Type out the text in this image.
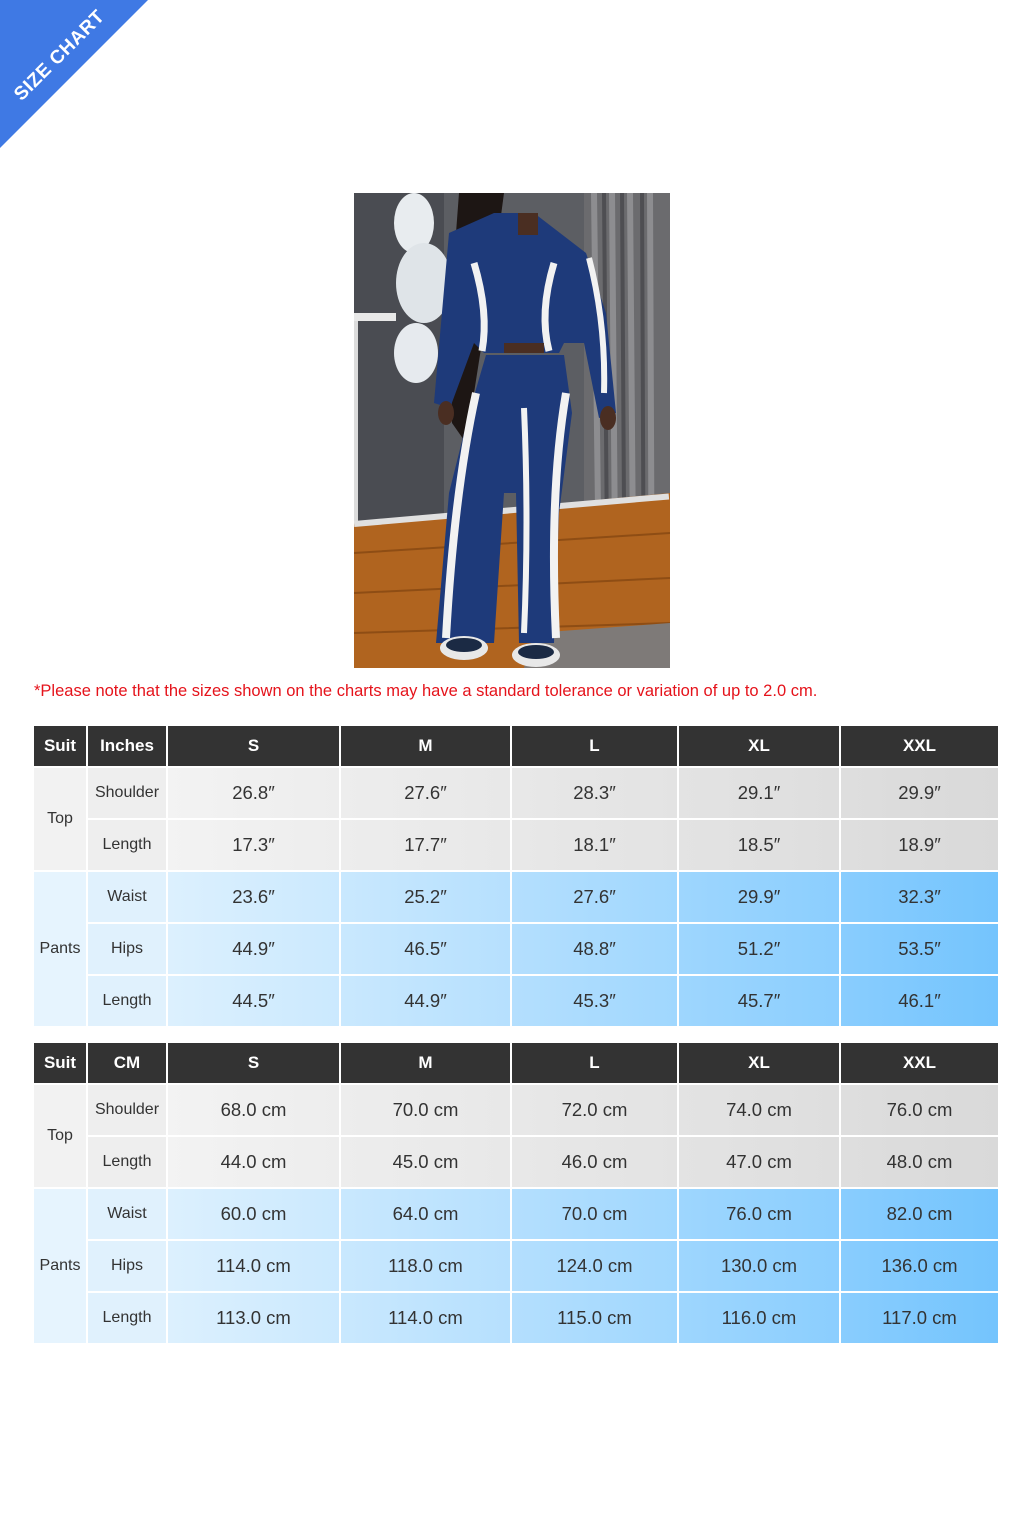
SIZE CHART
*Please note that the sizes shown on the charts may have a standard tolerance or variation of up to 2.0 cm.
Suit	Inches	S	M	L	XL	XXL
Top	Shoulder	26.8″	27.6″	28.3″	29.1″	29.9″
	Length	17.3″	17.7″	18.1″	18.5″	18.9″
Pants	Waist	23.6″	25.2″	27.6″	29.9″	32.3″
	Hips	44.9″	46.5″	48.8″	51.2″	53.5″
	Length	44.5″	44.9″	45.3″	45.7″	46.1″
Suit	CM	S	M	L	XL	XXL
Top	Shoulder	68.0 cm	70.0 cm	72.0 cm	74.0 cm	76.0 cm
	Length	44.0 cm	45.0 cm	46.0 cm	47.0 cm	48.0 cm
Pants	Waist	60.0 cm	64.0 cm	70.0 cm	76.0 cm	82.0 cm
	Hips	114.0 cm	118.0 cm	124.0 cm	130.0 cm	136.0 cm
	Length	113.0 cm	114.0 cm	115.0 cm	116.0 cm	117.0 cm
